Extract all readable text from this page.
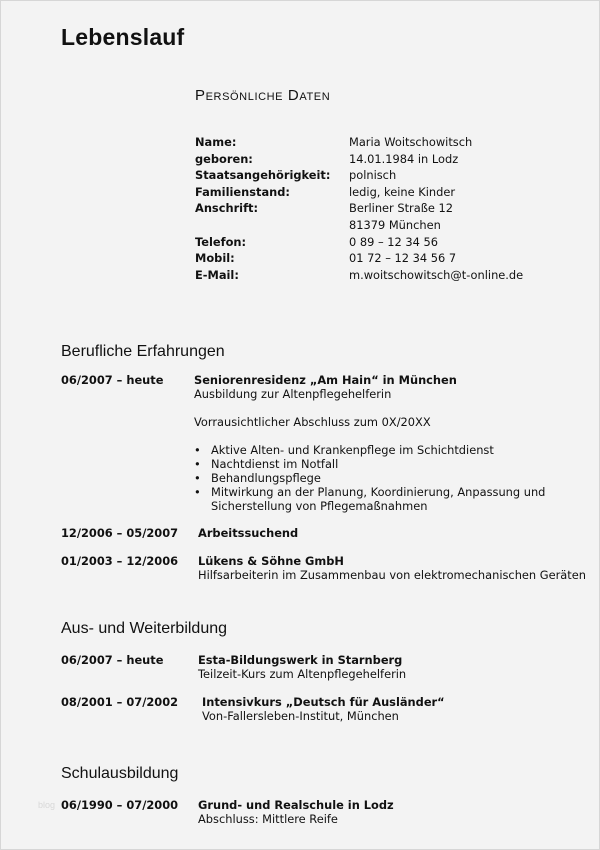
Lebenslauf
Persönliche Daten
Name:	Maria Woitschowitsch
geboren:	14.01.1984 in Lodz
Staatsangehörigkeit:	polnisch
Familienstand:	ledig, keine Kinder
Anschrift:	Berliner Straße 12
81379 München
Telefon:	0 89 – 12 34 56
Mobil:	01 72 – 12 34 56 7
E-Mail:	m.woitschowitsch@t-online.de
Berufliche Erfahrungen
06/2007 – heute	Seniorenresidenz „Am Hain“ in München
Ausbildung zur Altenpflegehelferin
Vorrausichtlicher Abschluss zum 0X/20XX
• Aktive Alten- und Krankenpflege im Schichtdienst
• Nachtdienst im Notfall
• Behandlungspflege
• Mitwirkung an der Planung, Koordinierung, Anpassung und Sicherstellung von Pflegemaßnahmen
12/2006 – 05/2007 Arbeitssuchend
01/2003 – 12/2006 Lükens & Söhne GmbH
Hilfsarbeiterin im Zusammenbau von elektromechanischen Geräten
Aus- und Weiterbildung
06/2007 – heute	Esta-Bildungswerk in Starnberg
Teilzeit-Kurs zum Altenpflegehelferin
08/2001 – 07/2002 Intensivkurs „Deutsch für Ausländer“
Von-Fallersleben-Institut, München
Schulausbildung
06/1990 – 07/2000 Grund- und Realschule in Lodz
Abschluss: Mittlere Reife
blog
